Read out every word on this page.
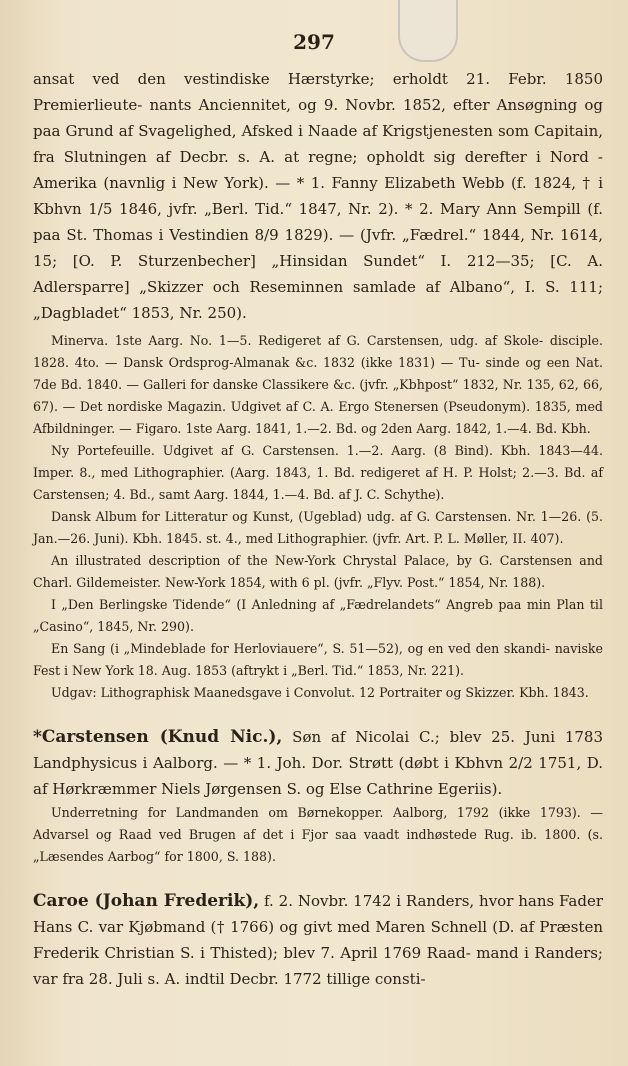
297

ansat ved den vestindiske Hærstyrke; erholdt 21. Febr. 1850 Premierlieute- nants Anciennitet, og 9. Novbr. 1852, efter Ansøgning og paa Grund af Svagelighed, Afsked i Naade af Krigstjenesten som Capitain, fra Slutningen af Decbr. s. A. at regne; opholdt sig derefter i Nord - Amerika (navnlig i New York). — * 1. Fanny Elizabeth Webb (f. 1824, † i Kbhvn 1/5 1846, jvfr. „Berl. Tid.“ 1847, Nr. 2). * 2. Mary Ann Sempill (f. paa St. Thomas i Vestindien 8/9 1829). — (Jvfr. „Fædrel.“ 1844, Nr. 1614, 15; [O. P. Sturzenbecher] „Hinsidan Sundet“ I. 212—35; [C. A. Adlersparre] „Skizzer och Reseminnen samlade af Albano“, I. S. 111; „Dagbladet“ 1853, Nr. 250).

Minerva. 1ste Aarg. No. 1—5. Redigeret af G. Carstensen, udg. af Skole- disciple. 1828. 4to. — Dansk Ordsprog-Almanak &c. 1832 (ikke 1831) — Tu- sinde og een Nat. 7de Bd. 1840. — Galleri for danske Classikere &c. (jvfr. „Kbhpost“ 1832, Nr. 135, 62, 66, 67). — Det nordiske Magazin. Udgivet af C. A. Ergo Stenersen (Pseudonym). 1835, med Afbildninger. — Figaro. 1ste Aarg. 1841, 1.—2. Bd. og 2den Aarg. 1842, 1.—4. Bd. Kbh.

Ny Portefeuille. Udgivet af G. Carstensen. 1.—2. Aarg. (8 Bind). Kbh. 1843—44. Imper. 8., med Lithographier. (Aarg. 1843, 1. Bd. redigeret af H. P. Holst; 2.—3. Bd. af Carstensen; 4. Bd., samt Aarg. 1844, 1.—4. Bd. af J. C. Schythe).

Dansk Album for Litteratur og Kunst, (Ugeblad) udg. af G. Carstensen. Nr. 1—26. (5. Jan.—26. Juni). Kbh. 1845. st. 4., med Lithographier. (jvfr. Art. P. L. Møller, II. 407).

An illustrated description of the New-York Chrystal Palace, by G. Carstensen and Charl. Gildemeister. New-York 1854, with 6 pl. (jvfr. „Flyv. Post.“ 1854, Nr. 188).

I „Den Berlingske Tidende“ (I Anledning af „Fædrelandets“ Angreb paa min Plan til „Casino“, 1845, Nr. 290).

En Sang (i „Mindeblade for Herloviauere“, S. 51—52), og en ved den skandi- naviske Fest i New York 18. Aug. 1853 (aftrykt i „Berl. Tid.“ 1853, Nr. 221).

Udgav: Lithographisk Maanedsgave i Convolut. 12 Portraiter og Skizzer. Kbh. 1843.

*Carstensen (Knud Nic.), Søn af Nicolai C.; blev 25. Juni 1783 Landphysicus i Aalborg. — * 1. Joh. Dor. Strøtt (døbt i Kbhvn 2/2 1751, D. af Hørkræmmer Niels Jørgensen S. og Else Cathrine Egeriis).

Underretning for Landmanden om Børnekopper. Aalborg, 1792 (ikke 1793). — Advarsel og Raad ved Brugen af det i Fjor saa vaadt indhøstede Rug. ib. 1800. (s. „Læsendes Aarbog“ for 1800, S. 188).

Caroe (Johan Frederik), f. 2. Novbr. 1742 i Randers, hvor hans Fader Hans C. var Kjøbmand († 1766) og givt med Maren Schnell (D. af Præsten Frederik Christian S. i Thisted); blev 7. April 1769 Raad- mand i Randers; var fra 28. Juli s. A. indtil Decbr. 1772 tillige consti-
